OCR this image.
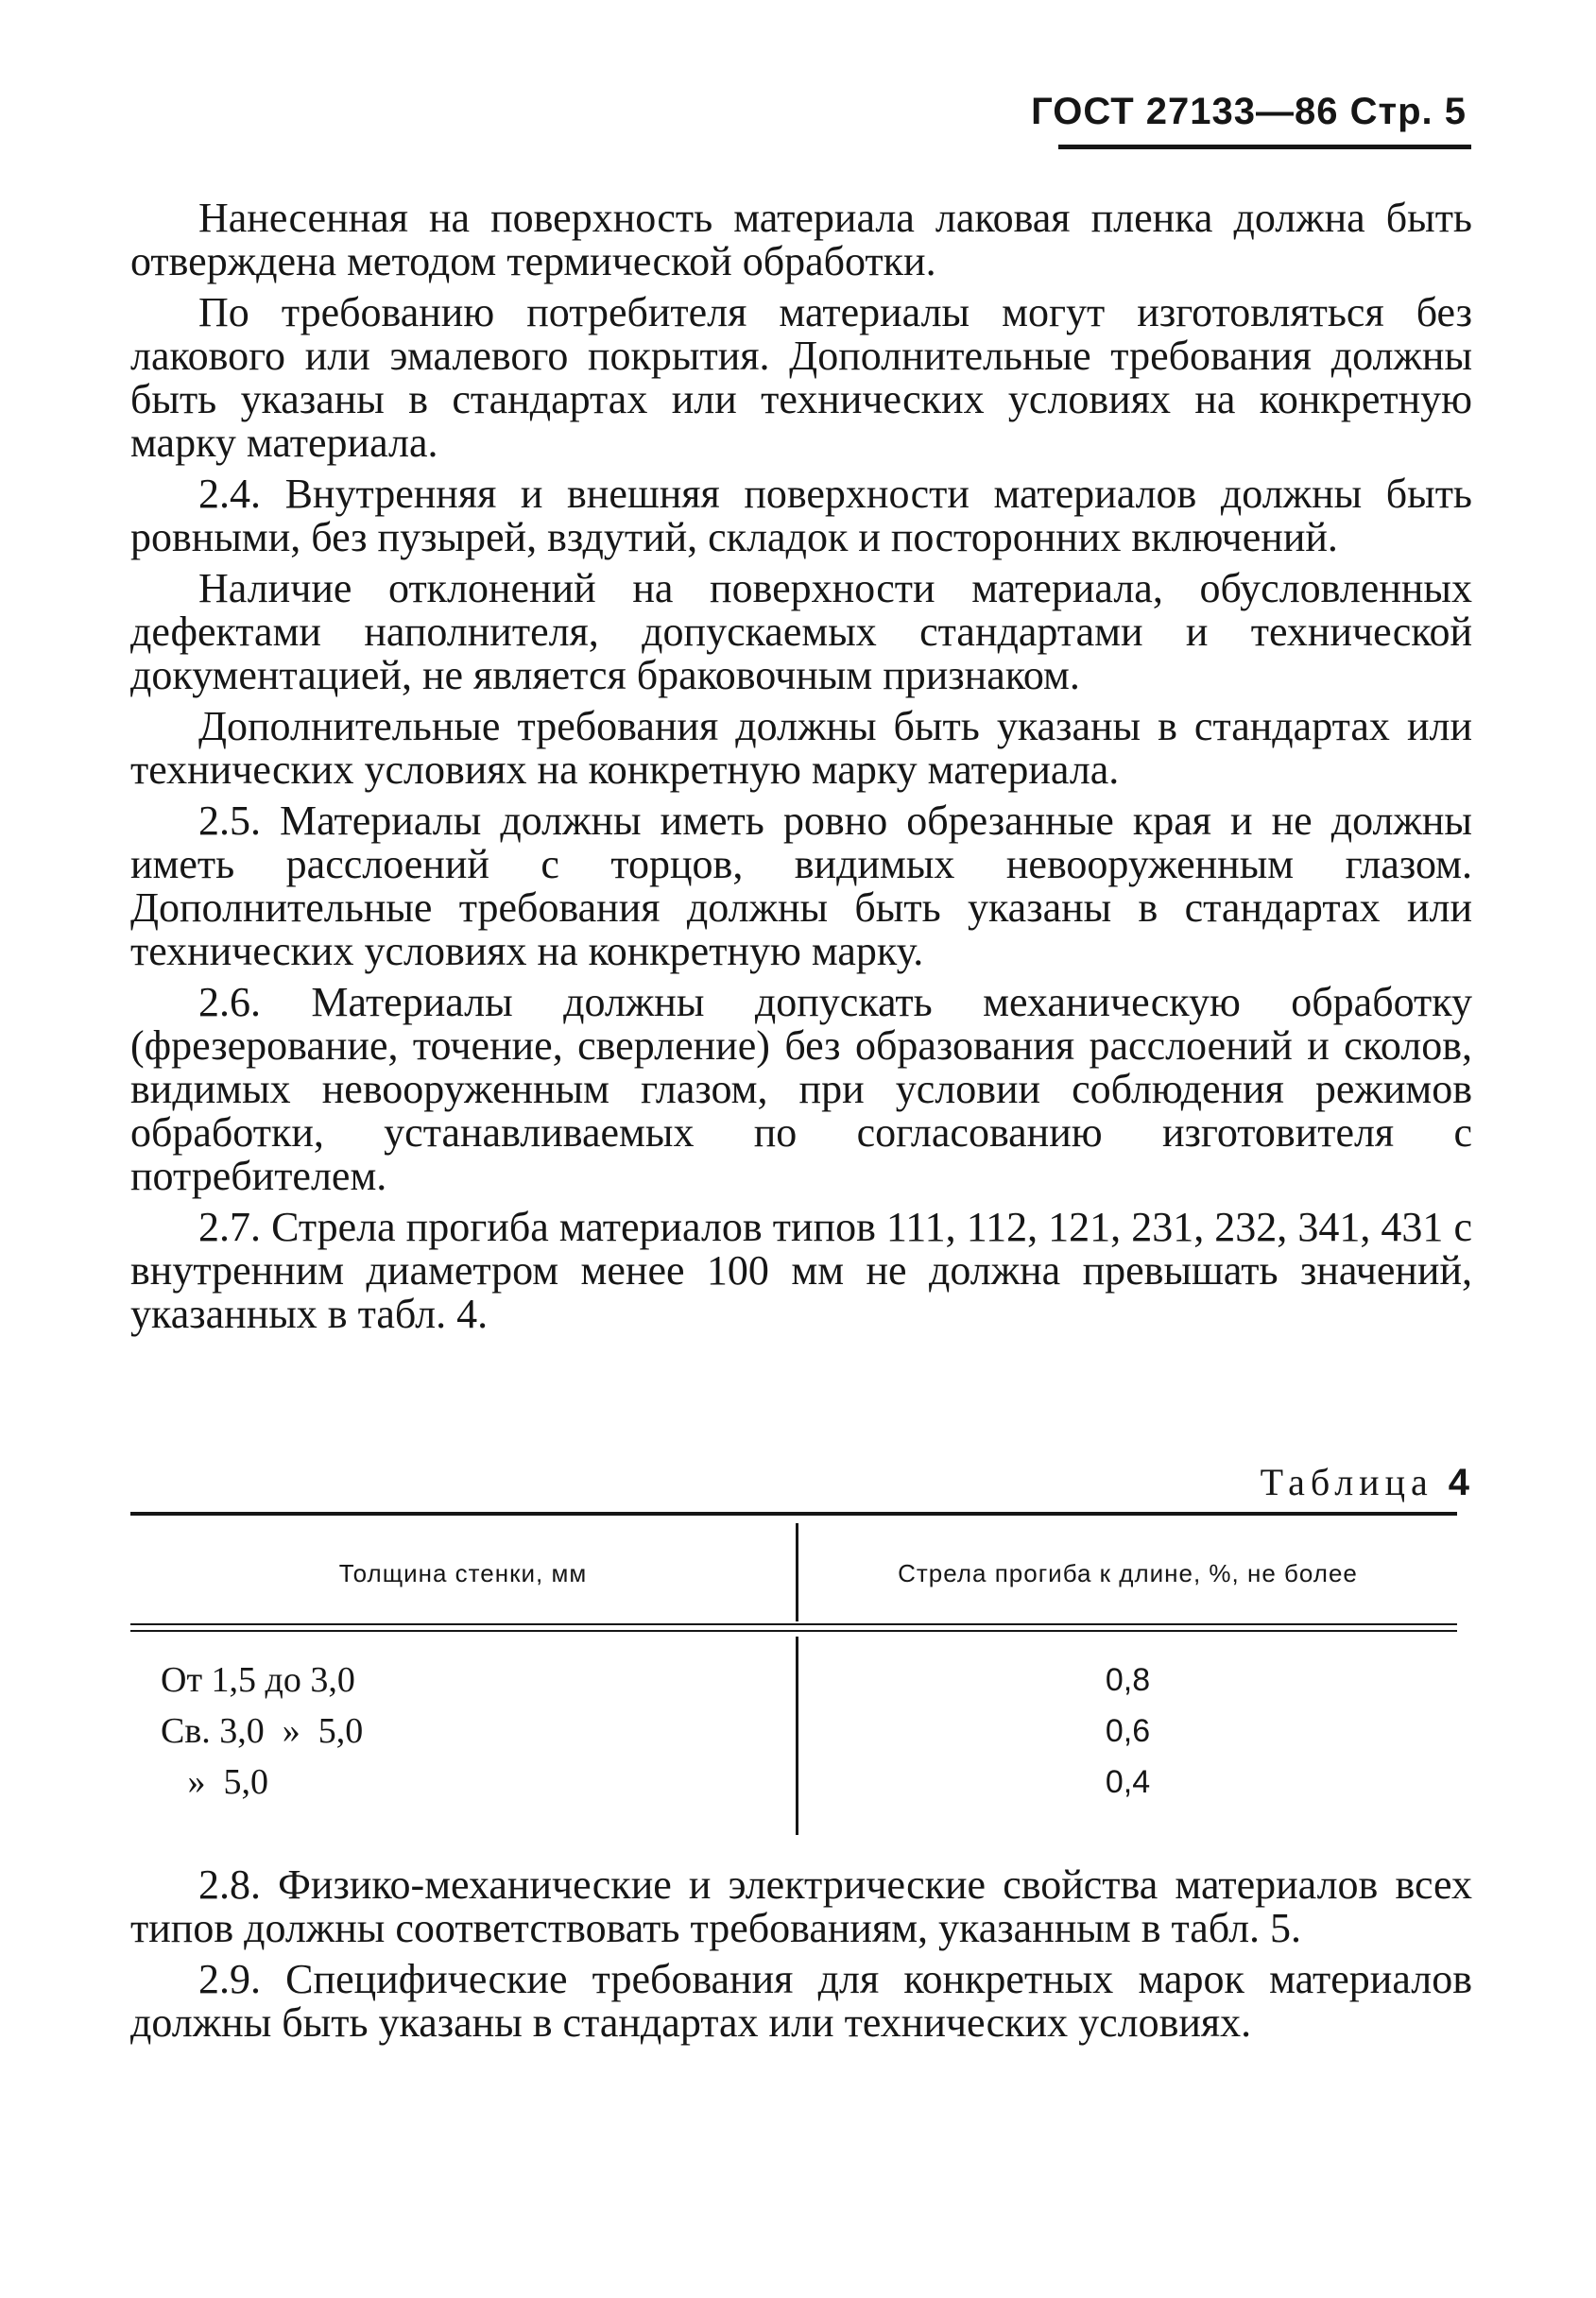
ГОСТ 27133—86 Стр. 5

Нанесенная на поверхность материала лаковая пленка должна быть отверждена методом термической обработки.

По требованию потребителя материалы могут изготовляться без лакового или эмалевого покрытия. Дополнительные требования должны быть указаны в стандартах или технических условиях на конкретную марку материала.

2.4. Внутренняя и внешняя поверхности материалов должны быть ровными, без пузырей, вздутий, складок и посторонних включений.

Наличие отклонений на поверхности материала, обусловленных дефектами наполнителя, допускаемых стандартами и технической документацией, не является браковочным признаком.

Дополнительные требования должны быть указаны в стандартах или технических условиях на конкретную марку материала.

2.5. Материалы должны иметь ровно обрезанные края и не должны иметь расслоений с торцов, видимых невооруженным глазом. Дополнительные требования должны быть указаны в стандартах или технических условиях на конкретную марку.

2.6. Материалы должны допускать механическую обработку (фрезерование, точение, сверление) без образования расслоений и сколов, видимых невооруженным глазом, при условии соблюдения режимов обработки, устанавливаемых по согласованию изготовителя с потребителем.

2.7. Стрела прогиба материалов типов 111, 112, 121, 231, 232, 341, 431 с внутренним диаметром менее 100 мм не должна превышать значений, указанных в табл. 4.

Таблица 4
Толщина стенки, мм	Стрела прогиба к длине, %, не более
От 1,5 до 3,0	0,8
Св. 3,0  »  5,0	0,6
»  5,0	0,4

2.8. Физико-механические и электрические свойства материалов всех типов должны соответствовать требованиям, указанным в табл. 5.

2.9. Специфические требования для конкретных марок материалов должны быть указаны в стандартах или технических условиях.
